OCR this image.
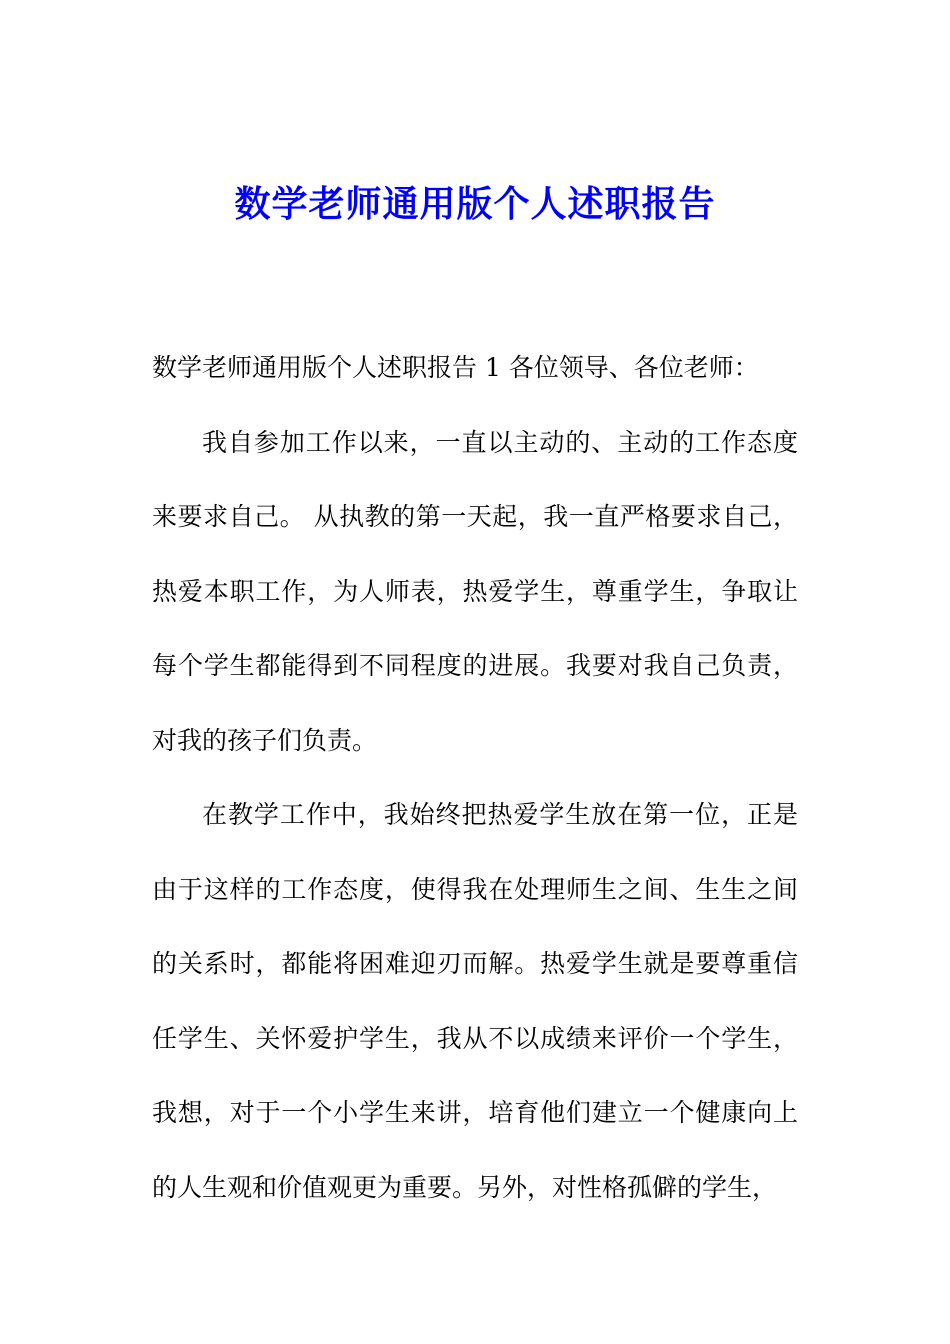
数学老师通用版个人述职报告

数学老师通用版个人述职报告 1 各位领导、各位老师：

我自参加工作以来，一直以主动的、主动的工作态度来要求自己。 从执教的第一天起，我一直严格要求自己，热爱本职工作，为人师表，热爱学生，尊重学生，争取让每个学生都能得到不同程度的进展。我要对我自己负责，对我的孩子们负责。

在教学工作中，我始终把热爱学生放在第一位，正是由于这样的工作态度，使得我在处理师生之间、生生之间的关系时，都能将困难迎刃而解。热爱学生就是要尊重信任学生、关怀爱护学生，我从不以成绩来评价一个学生，我想，对于一个小学生来讲，培育他们建立一个健康向上的人生观和价值观更为重要。另外，对性格孤僻的学生，
